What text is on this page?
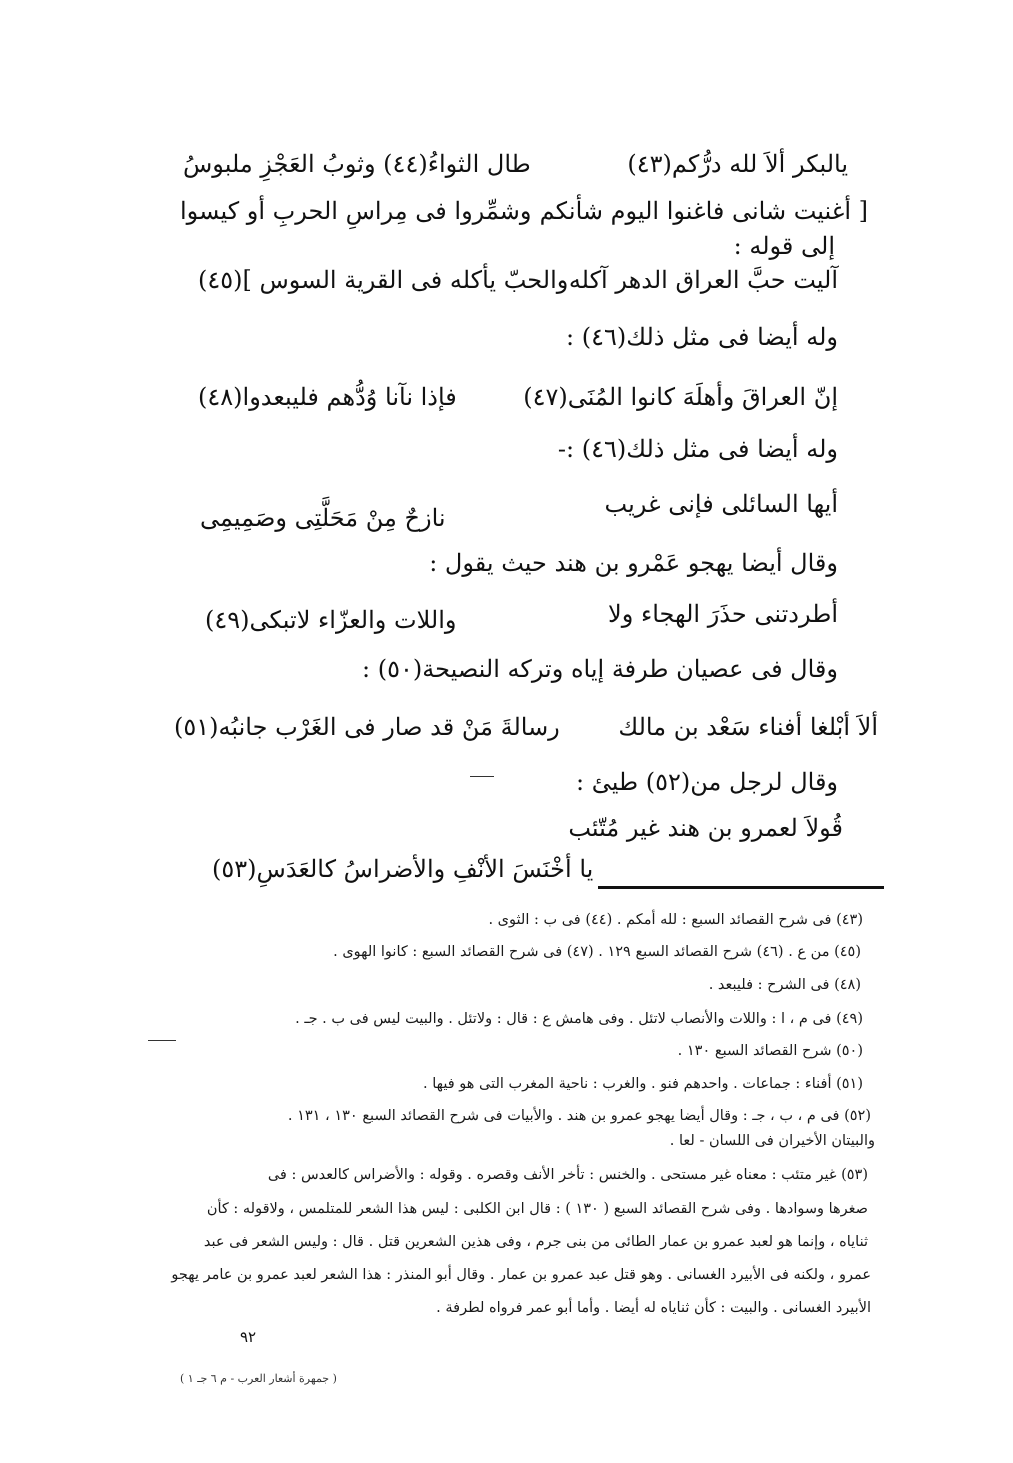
يالبكر ألاَ لله درُّكم(٤٣)
طال الثواءُ(٤٤) وثوبُ العَجْزِ ملبوسُ
[ أغنيت شانى فاغنوا اليوم شأنكم
وشمِّروا فى مِراسِ الحربِ أو كيسوا
إلى قوله :
آليت حبَّ العراق الدهر آكله
والحبّ يأكله فى القرية السوس ](٤٥)
وله أيضا فى مثل ذلك(٤٦) :
إنّ العراقَ وأهلَهَ كانوا المُنَى(٤٧)
فإذا نآنا وُدُّهم فليبعدوا(٤٨)
وله أيضا فى مثل ذلك(٤٦) :-
أيها السائلى فإنى غريب
نازحٌ مِنْ مَحَلَّتِى وصَمِيمِى
وقال أيضا يهجو عَمْرو بن هند حيث يقول :
أطردتنى حذَرَ الهجاء ولا
واللات والعزّاء لاتبكى(٤٩)
وقال فى عصيان طرفة إياه وتركه النصيحة(٥٠) :
ألاَ أبْلغا أفناء سَعْد بن مالك
رسالةَ مَنْ قد صار فى الغَرْب جانبُه(٥١)
وقال لرجل من(٥٢) طيئ :
قُولاَ لعمرو بن هند غير مُتّئب
يا أخْنَسَ الأنْفِ والأضراسُ كالعَدَسِ(٥٣)
(٤٣) فى شرح القصائد السبع : لله أمكم . (٤٤) فى ب : الثوى .
(٤٥) من ع . (٤٦) شرح القصائد السبع ١٢٩ . (٤٧) فى شرح القصائد السبع : كانوا الهوى .
(٤٨) فى الشرح : فليبعد .
(٤٩) فى م ، ا : واللات والأنصاب لاتئل . وفى هامش ع : قال : ولاتئل . والبيت ليس فى ب . جـ .
(٥٠) شرح القصائد السبع ١٣٠ .
(٥١) أفناء : جماعات . واحدهم فنو . والغرب : ناحية المغرب التى هو فيها .
(٥٢) فى م ، ب ، جـ : وقال أيضا يهجو عمرو بن هند . والأبيات فى شرح القصائد السبع ١٣٠ ، ١٣١ .
والبيتان الأخيران فى اللسان - لعا .
(٥٣) غير متئب : معناه غير مستحى . والخنس : تأخر الأنف وقصره . وقوله : والأضراس كالعدس : فى
صغرها وسوادها . وفى شرح القصائد السبع ( ١٣٠ ) : قال ابن الكلبى : ليس هذا الشعر للمتلمس ، ولاقوله : كأن
ثناياه ، وإنما هو لعبد عمرو بن عمار الطائى من بنى جرم ، وفى هذين الشعرين قتل . قال : وليس الشعر فى عبد
عمرو ، ولكنه فى الأبيرد الغسانى . وهو قتل عبد عمرو بن عمار . وقال أبو المنذر : هذا الشعر لعبد عمرو بن عامر يهجو
الأبيرد الغسانى . والبيت : كأن ثناياه له أيضا . وأما أبو عمر فرواه لطرفة .
٩٢
( جمهرة أشعار العرب - م ٦ جـ ١ )
